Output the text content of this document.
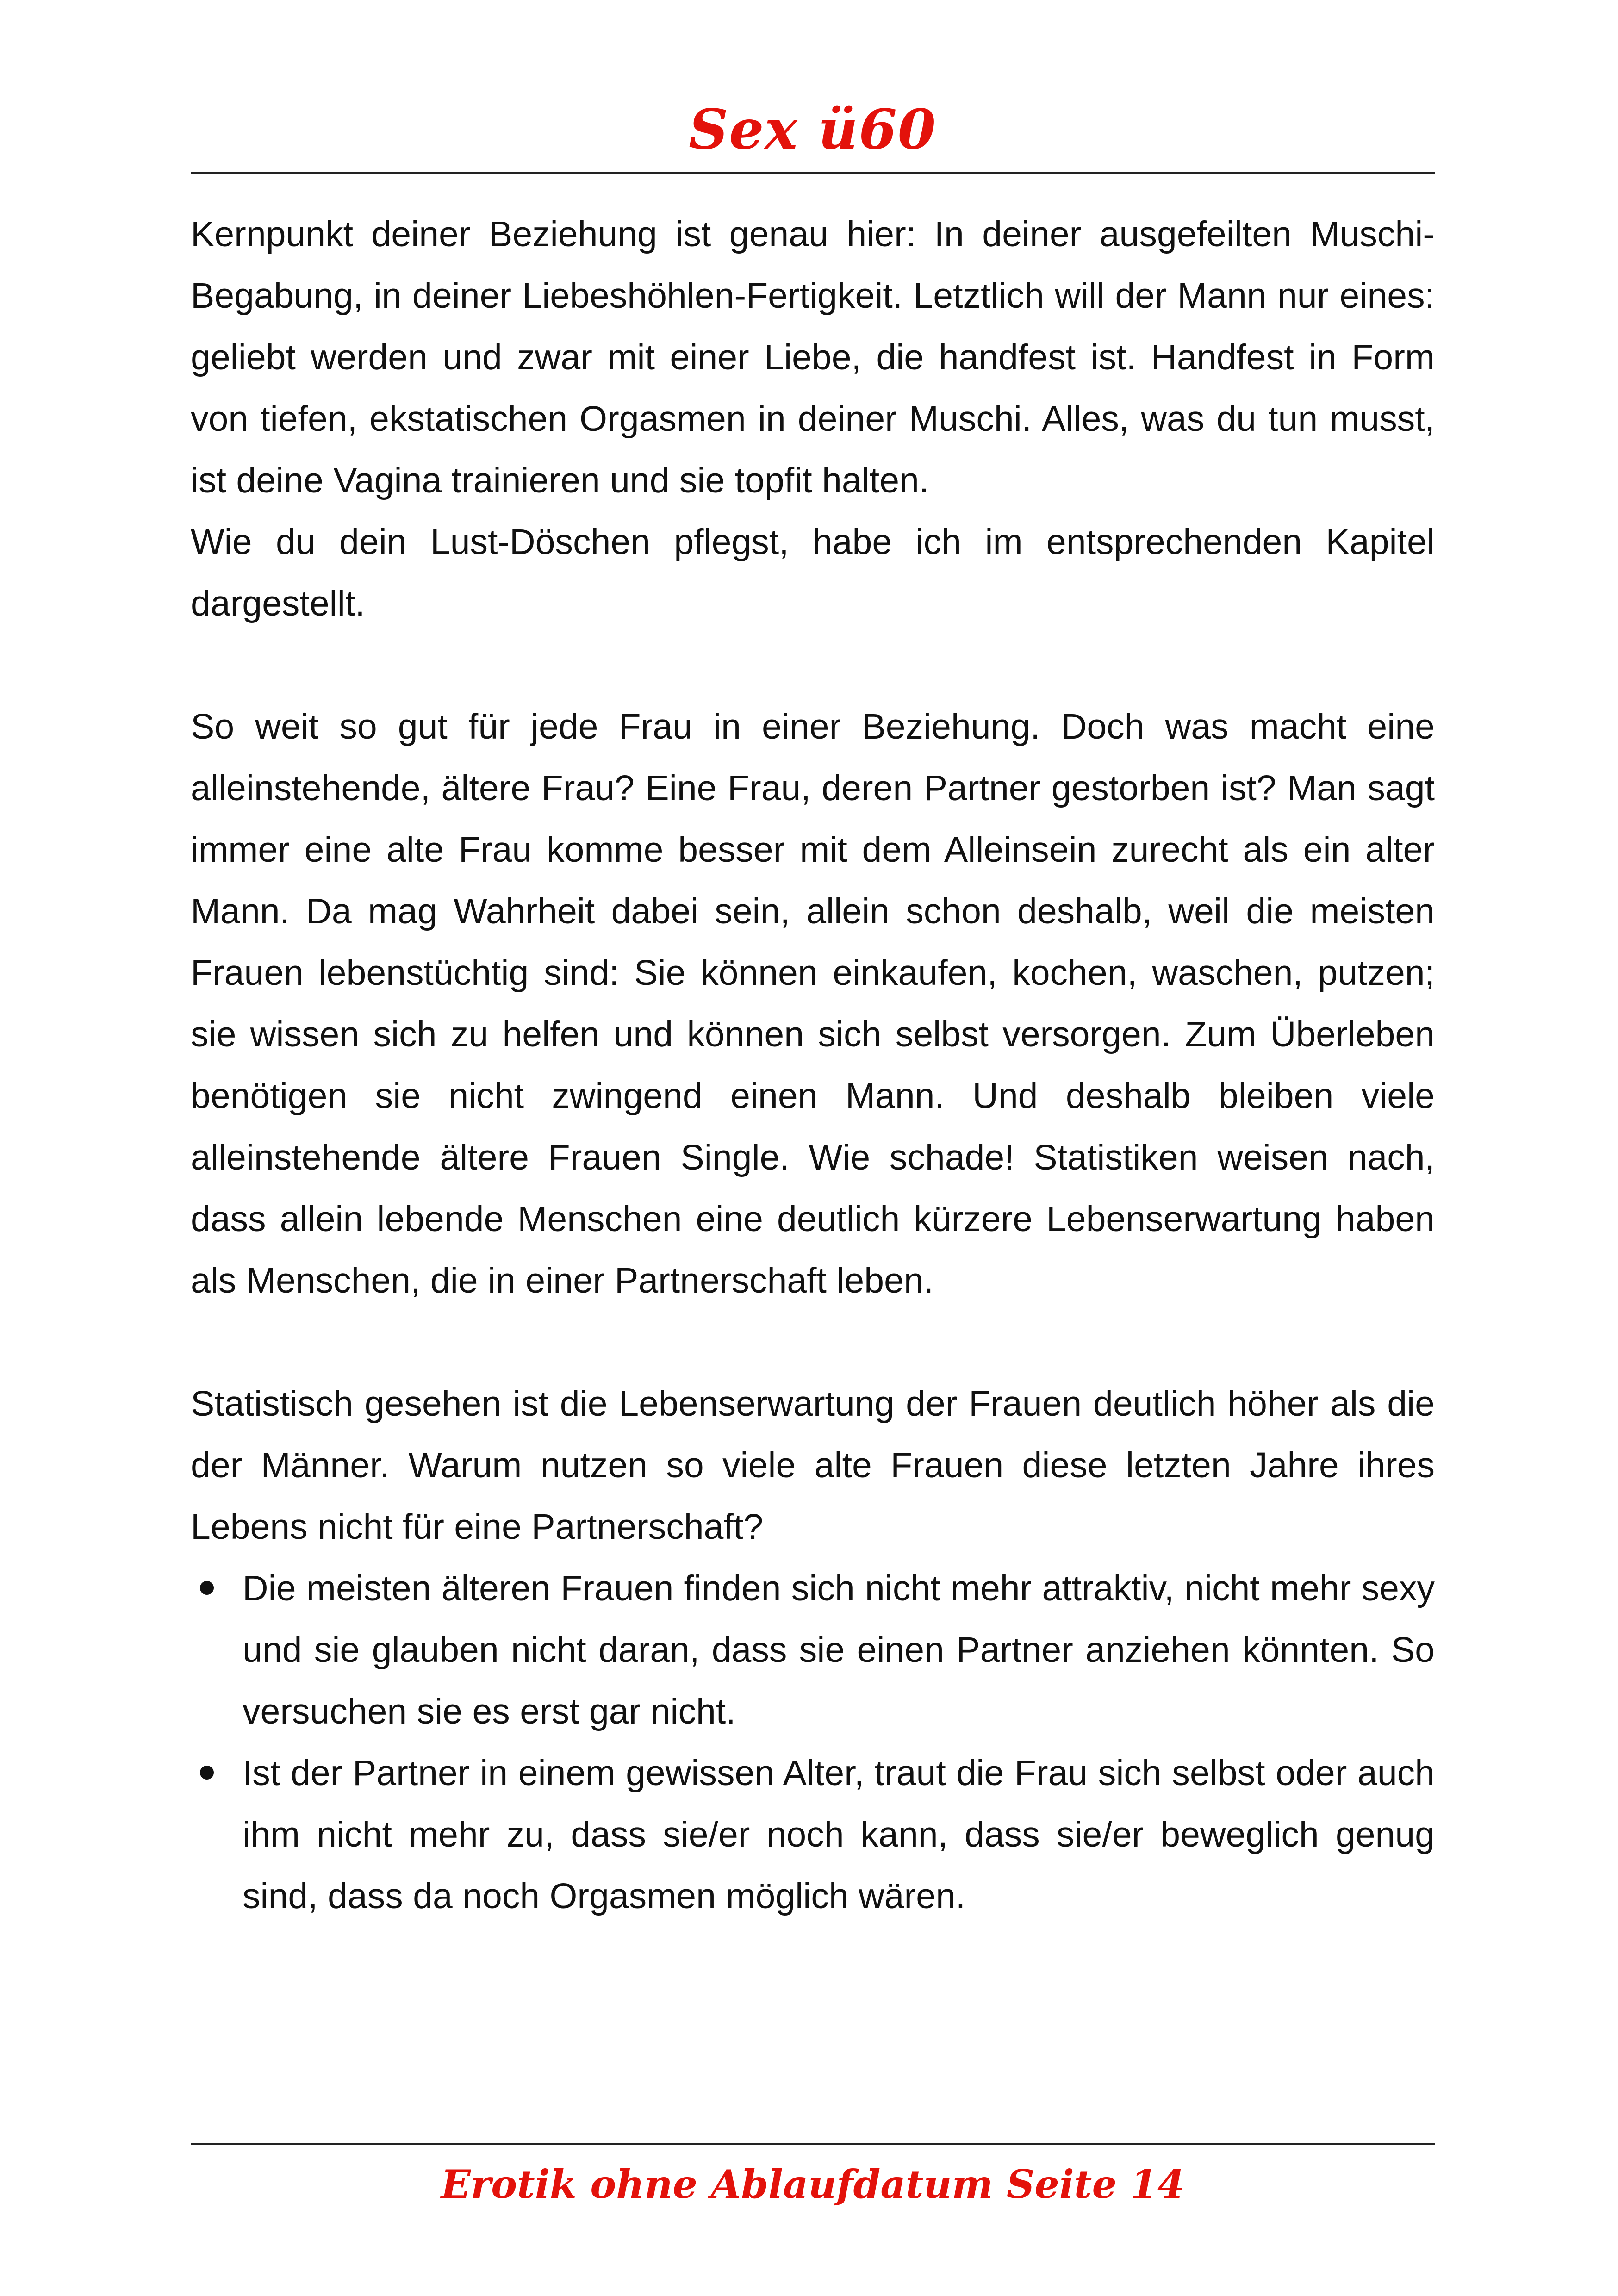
Sex ü60

Kernpunkt deiner Beziehung ist genau hier: In deiner ausgefeilten Muschi-Begabung, in deiner Liebeshöhlen-Fertigkeit. Letztlich will der Mann nur eines: geliebt werden und zwar mit einer Liebe, die handfest ist. Handfest in Form von tiefen, ekstatischen Orgasmen in deiner Muschi. Alles, was du tun musst, ist deine Vagina trainieren und sie topfit halten.

Wie du dein Lust-Döschen pflegst, habe ich im entsprechenden Kapitel dargestellt.

So weit so gut für jede Frau in einer Beziehung. Doch was macht eine alleinstehende, ältere Frau? Eine Frau, deren Partner gestorben ist? Man sagt immer eine alte Frau komme besser mit dem Alleinsein zurecht als ein alter Mann. Da mag Wahrheit dabei sein, allein schon deshalb, weil die meisten Frauen lebenstüchtig sind: Sie können einkaufen, kochen, waschen, putzen; sie wissen sich zu helfen und können sich selbst versorgen. Zum Überleben benötigen sie nicht zwingend einen Mann. Und deshalb bleiben viele alleinstehende ältere Frauen Single. Wie schade! Statistiken weisen nach, dass allein lebende Menschen eine deutlich kürzere Lebenserwartung haben als Menschen, die in einer Partnerschaft leben.

Statistisch gesehen ist die Lebenserwartung der Frauen deutlich höher als die der Männer. Warum nutzen so viele alte Frauen diese letzten Jahre ihres Lebens nicht für eine Partnerschaft?

Die meisten älteren Frauen finden sich nicht mehr attraktiv, nicht mehr sexy und sie glauben nicht daran, dass sie einen Partner anziehen könnten. So versuchen sie es erst gar nicht.
Ist der Partner in einem gewissen Alter, traut die Frau sich selbst oder auch ihm nicht mehr zu, dass sie/er noch kann, dass sie/er beweglich genug sind, dass da noch Orgasmen möglich wären.
Erotik ohne Ablaufdatum Seite 14
